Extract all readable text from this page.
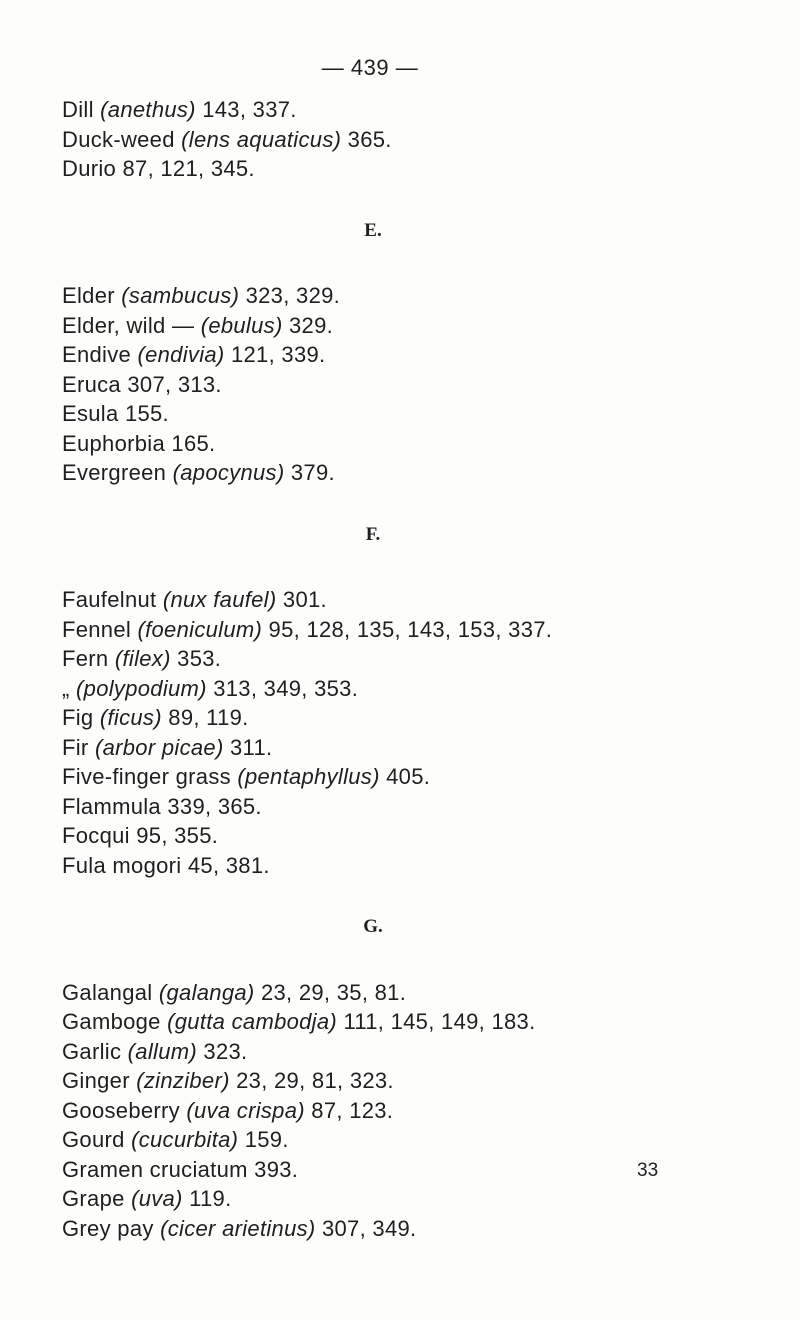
— 439 —
Dill (anethus) 143, 337.
Duck-weed (lens aquaticus) 365.
Durio 87, 121, 345.
E.
Elder (sambucus) 323, 329.
Elder, wild — (ebulus) 329.
Endive (endivia) 121, 339.
Eruca 307, 313.
Esula 155.
Euphorbia 165.
Evergreen (apocynus) 379.
F.
Faufelnut (nux faufel) 301.
Fennel (foeniculum) 95, 128, 135, 143, 153, 337.
Fern (filex) 353.
„ (polypodium) 313, 349, 353.
Fig (ficus) 89, 119.
Fir (arbor picae) 311.
Five-finger grass (pentaphyllus) 405.
Flammula 339, 365.
Focqui 95, 355.
Fula mogori 45, 381.
G.
Galangal (galanga) 23, 29, 35, 81.
Gamboge (gutta cambodja) 111, 145, 149, 183.
Garlic (allum) 323.
Ginger (zinziber) 23, 29, 81, 323.
Gooseberry (uva crispa) 87, 123.
Gourd (cucurbita) 159.
Gramen cruciatum 393.
Grape (uva) 119.
Grey pay (cicer arietinus) 307, 349.
33
